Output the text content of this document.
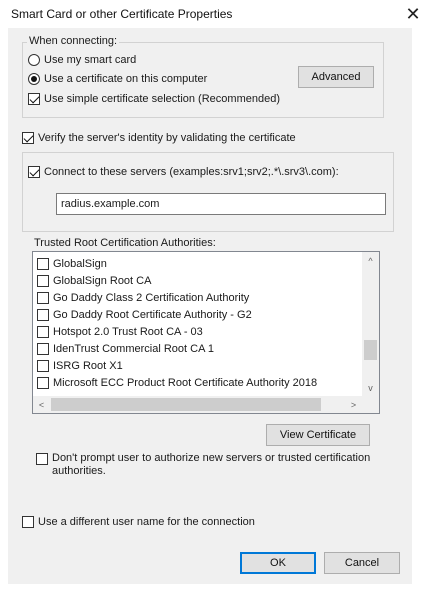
Smart Card or other Certificate Properties	✕
When connecting:
Use my smart card
Use a certificate on this computer	Advanced
Use simple certificate selection (Recommended)
Verify the server's identity by validating the certificate
Connect to these servers (examples:srv1;srv2;.*\.srv3\.com):
radius.example.com
Trusted Root Certification Authorities:
GlobalSign
GlobalSign Root CA
Go Daddy Class 2 Certification Authority
Go Daddy Root Certificate Authority - G2
Hotspot 2.0 Trust Root CA - 03
IdenTrust Commercial Root CA 1
ISRG Root X1
Microsoft ECC Product Root Certificate Authority 2018
^
v
<	>
View Certificate
Don't prompt user to authorize new servers or trusted certification authorities.
Use a different user name for the connection
OK	Cancel
